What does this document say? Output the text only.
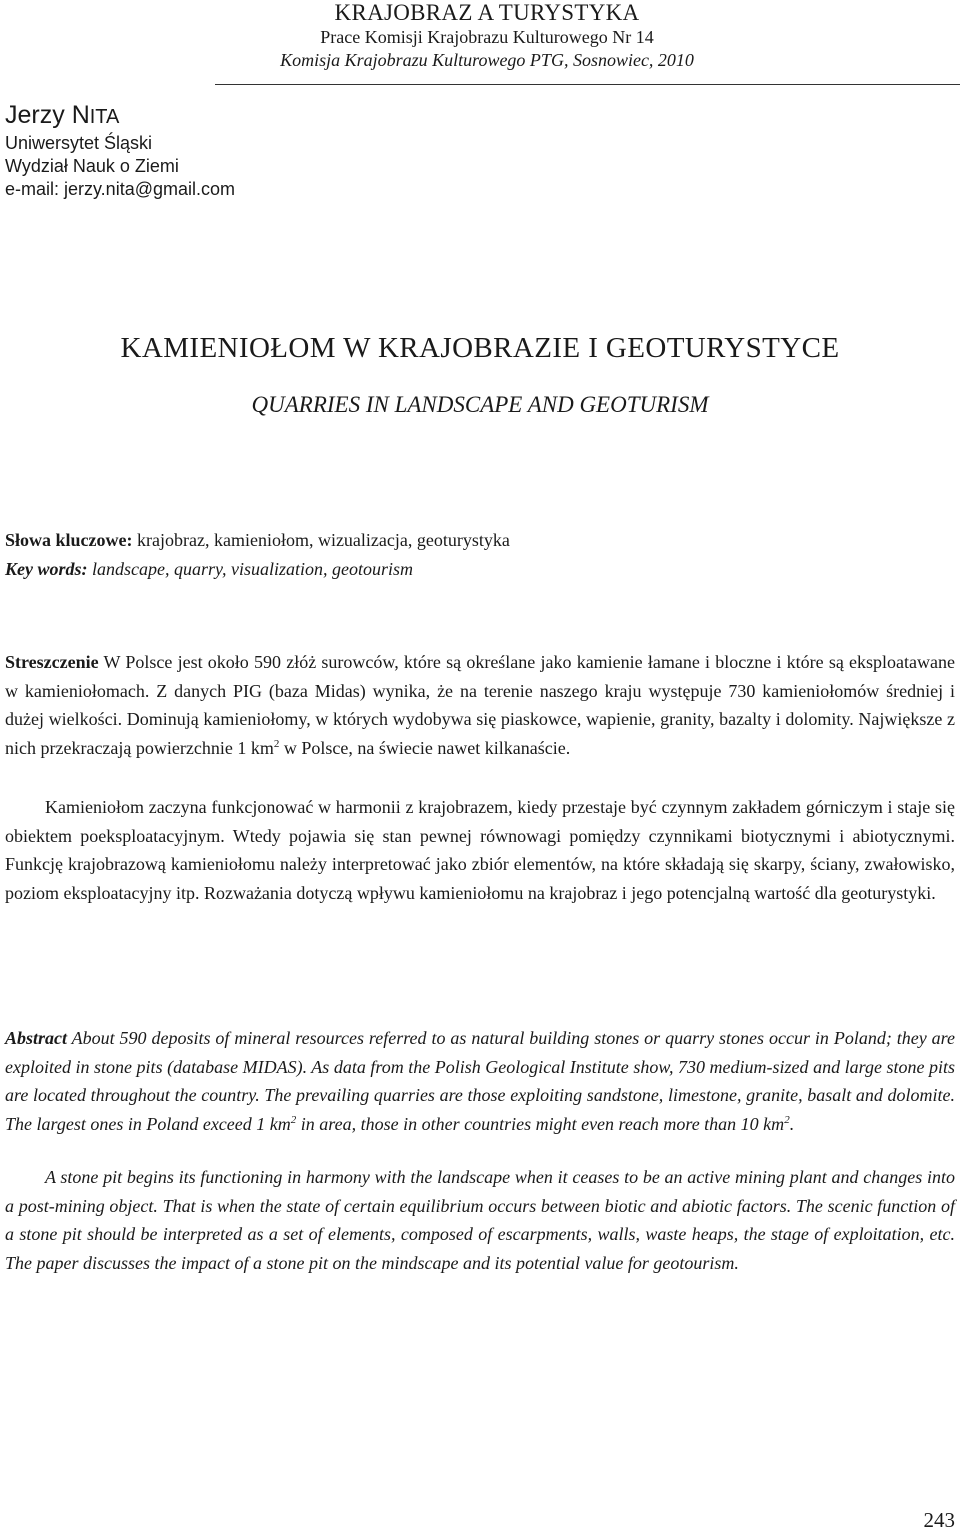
KRAJOBRAZ A TURYSTYKA
Prace Komisji Krajobrazu Kulturowego Nr 14
Komisja Krajobrazu Kulturowego PTG, Sosnowiec, 2010
Jerzy NITA
Uniwersytet Śląski
Wydział Nauk o Ziemi
e-mail: jerzy.nita@gmail.com
KAMIENIOŁOM W KRAJOBRAZIE I GEOTURYSTYCE
QUARRIES IN LANDSCAPE AND GEOTURISM
Słowa kluczowe: krajobraz, kamieniołom, wizualizacja, geoturystyka
Key words: landscape, quarry, visualization, geotourism

Streszczenie W Polsce jest około 590 złóż surowców, które są określane jako kamienie łamane i bloczne i które są eksploatawane w kamieniołomach. Z danych PIG (baza Midas) wynika, że na terenie naszego kraju występuje 730 kamieniołomów średniej i dużej wielkości. Dominują kamieniołomy, w których wydobywa się piaskowce, wapienie, granity, bazalty i dolomity. Największe z nich przekraczają powierzchnie 1 $km^2$ w Polsce, na świecie nawet kilkanaście.

Kamieniołom zaczyna funkcjonować w harmonii z krajobrazem, kiedy przestaje być czynnym zakładem górniczym i staje się obiektem poeksploatacyjnym. Wtedy pojawia się stan pewnej równowagi pomiędzy czynnikami biotycznymi i abiotycznymi. Funkcję krajobrazową kamieniołomu należy interpretować jako zbiór elementów, na które składają się skarpy, ściany, zwałowisko, poziom eksploatacyjny itp. Rozważania dotyczą wpływu kamieniołomu na krajobraz i jego potencjalną wartość dla geoturystyki.

Abstract About 590 deposits of mineral resources referred to as natural building stones or quarry stones occur in Poland; they are exploited in stone pits (database MIDAS). As data from the Polish Geological Institute show, 730 medium-sized and large stone pits are located throughout the country. The prevailing quarries are those exploiting sandstone, limestone, granite, basalt and dolomite. The largest ones in Poland exceed 1 $km^2$ in area, those in other countries might even reach more than 10 $km^2$.

A stone pit begins its functioning in harmony with the landscape when it ceases to be an active mining plant and changes into a post-mining object. That is when the state of certain equilibrium occurs between biotic and abiotic factors. The scenic function of a stone pit should be interpreted as a set of elements, composed of escarpments, walls, waste heaps, the stage of exploitation, etc. The paper discusses the impact of a stone pit on the mindscape and its potential value for geotourism.

243
